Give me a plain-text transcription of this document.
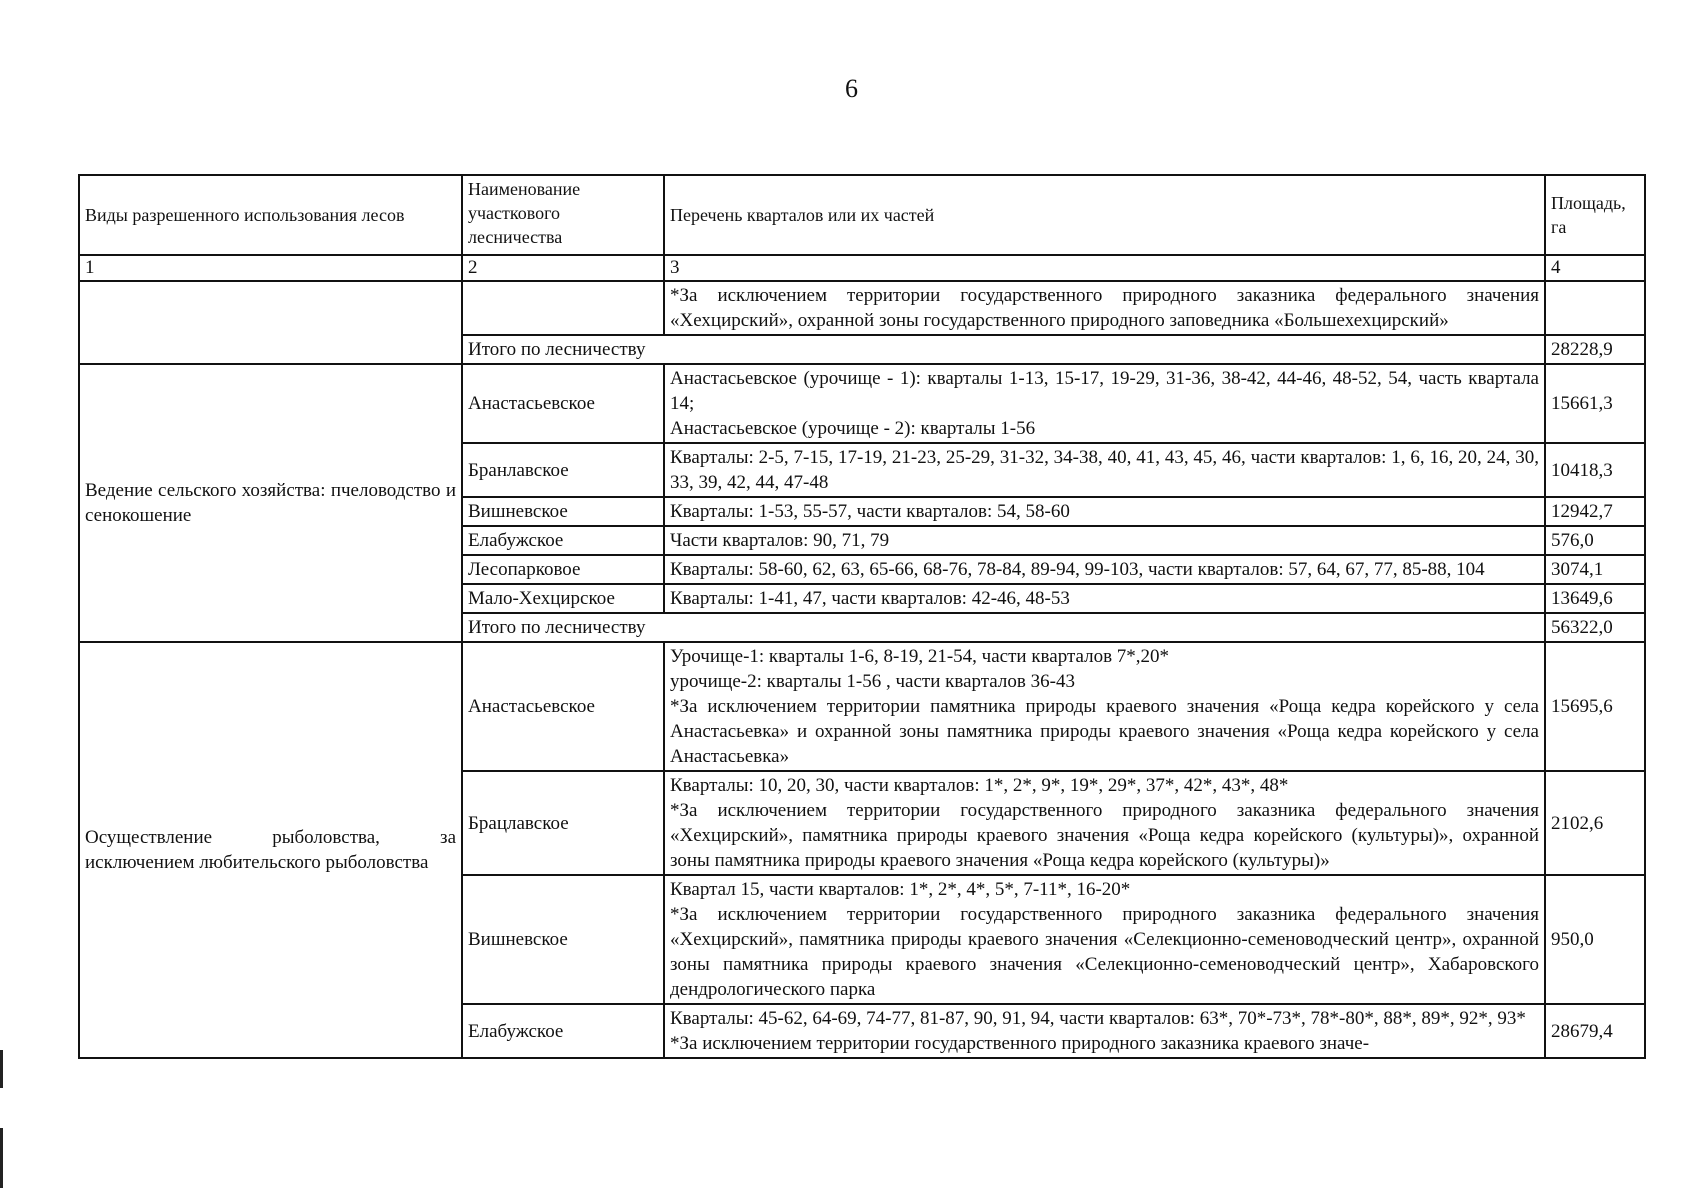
6
Виды разрешенного использования лесов	Наименование участкового лесничества	Перечень кварталов или их частей	Площадь, га
1	2	3	4
		*За исключением территории государственного природного заказника федерального значения «Хехцирский», охранной зоны государственного природного заповедника «Большехехцирский»	
	Итого по лесничеству		28228,9
Ведение сельского хозяйства: пчеловодство и сенокошение	Анастасьевское	Анастасьевское (урочище - 1): кварталы 1-13, 15-17, 19-29, 31-36, 38-42, 44-46, 48-52, 54, часть квартала 14;
Анастасьевское (урочище - 2): кварталы 1-56	15661,3
	Бранлавское	Кварталы: 2-5, 7-15, 17-19, 21-23, 25-29, 31-32, 34-38, 40, 41, 43, 45, 46, части кварталов: 1, 6, 16, 20, 24, 30, 33, 39, 42, 44, 47-48	10418,3
	Вишневское	Кварталы: 1-53, 55-57, части кварталов: 54, 58-60	12942,7
	Елабужское	Части кварталов: 90, 71, 79	576,0
	Лесопарковое	Кварталы: 58-60, 62, 63, 65-66, 68-76, 78-84, 89-94, 99-103, части кварталов: 57, 64, 67, 77, 85-88, 104	3074,1
	Мало-Хехцирское	Кварталы: 1-41, 47, части кварталов: 42-46, 48-53	13649,6
	Итого по лесничеству		56322,0
Осуществление рыболовства, за исключением любительского рыболовства	Анастасьевское	Урочище-1: кварталы 1-6, 8-19, 21-54, части кварталов 7*,20*
урочище-2: кварталы 1-56 , части кварталов 36-43
*За исключением территории памятника природы краевого значения «Роща кедра корейского у села Анастасьевка» и охранной зоны памятника природы краевого значения «Роща кедра корейского у села Анастасьевка»	15695,6
	Брацлавское	Кварталы: 10, 20, 30, части кварталов: 1*, 2*, 9*, 19*, 29*, 37*, 42*, 43*, 48*
*За исключением территории государственного природного заказника федерального значения «Хехцирский», памятника природы краевого значения «Роща кедра корейского (культуры)», охранной зоны памятника природы краевого значения «Роща кедра корейского (культуры)»	2102,6
	Вишневское	Квартал 15, части кварталов: 1*, 2*, 4*, 5*, 7-11*, 16-20*
*За исключением территории государственного природного заказника федерального значения «Хехцирский», памятника природы краевого значения «Селекционно-семеноводческий центр», охранной зоны памятника природы краевого значения «Селекционно-семеноводческий центр», Хабаровского дендрологического парка	950,0
	Елабужское	Кварталы: 45-62, 64-69, 74-77, 81-87, 90, 91, 94, части кварталов: 63*, 70*-73*, 78*-80*, 88*, 89*, 92*, 93*
*За исключением территории государственного природного заказника краевого значе-	28679,4
